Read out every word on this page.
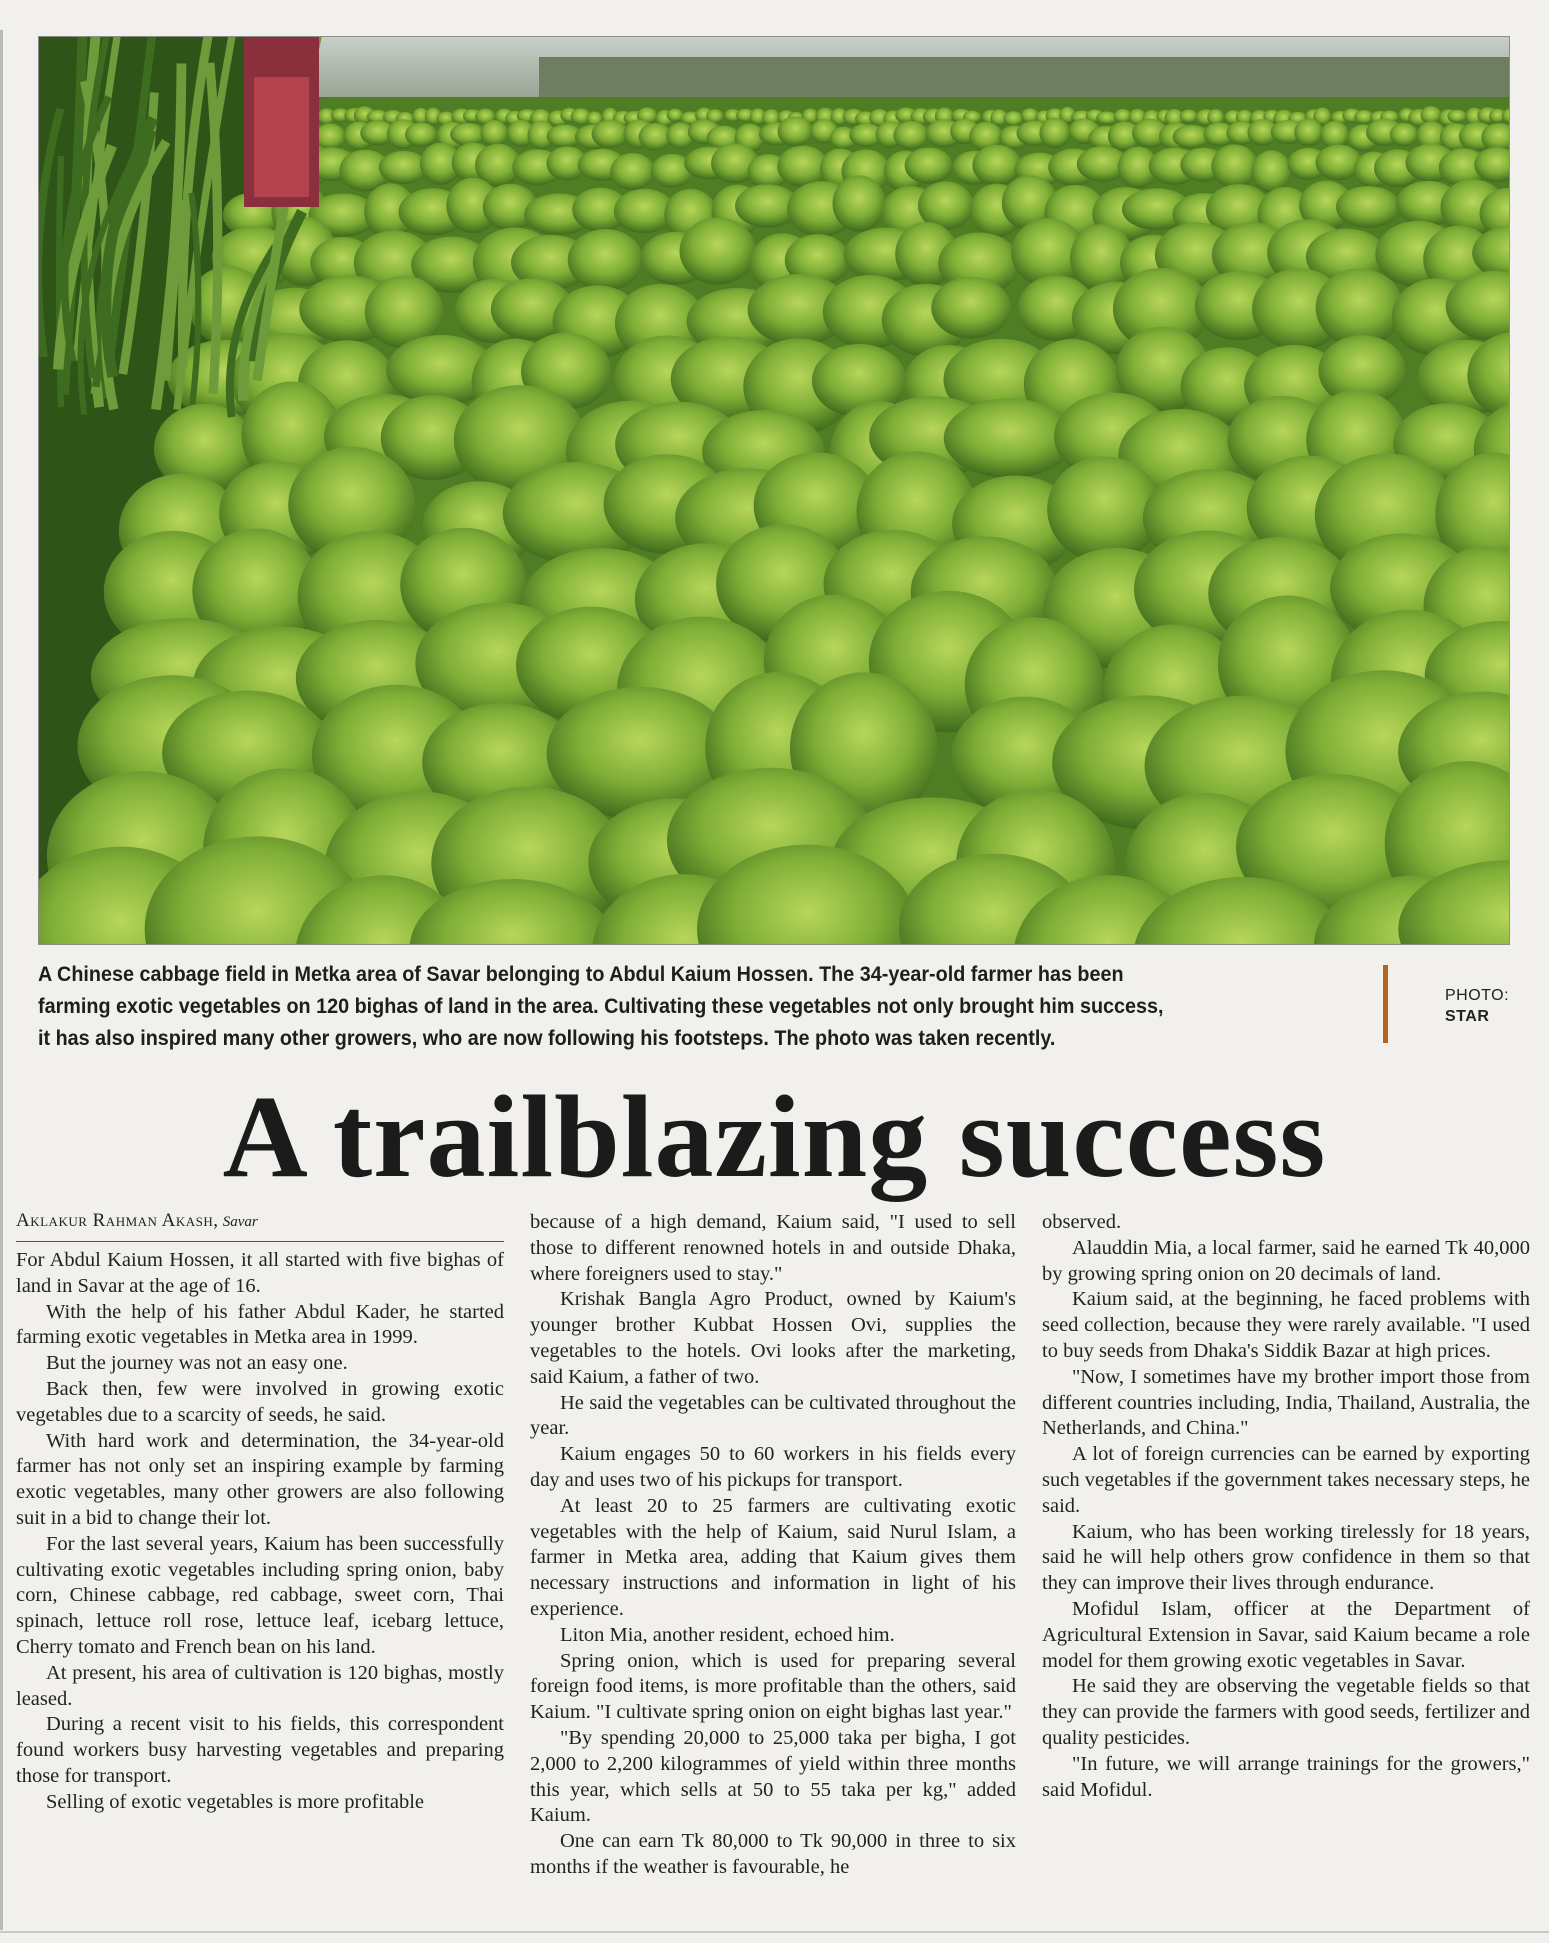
A Chinese cabbage field in Metka area of Savar belonging to Abdul Kaium Hossen. The 34-year-old farmer has been farming exotic vegetables on 120 bighas of land in the area. Cultivating these vegetables not only brought him success, it has also inspired many other growers, who are now following his footsteps. The photo was taken recently.
PHOTO:
STAR
A trailblazing success
Aklakur Rahman Akash, Savar

For Abdul Kaium Hossen, it all started with five bighas of land in Savar at the age of 16.

With the help of his father Abdul Kader, he started farming exotic vegetables in Metka area in 1999.

But the journey was not an easy one.

Back then, few were involved in growing exotic vegetables due to a scarcity of seeds, he said.

With hard work and determination, the 34-year-old farmer has not only set an inspiring example by farming exotic vegetables, many other growers are also following suit in a bid to change their lot.

For the last several years, Kaium has been successfully cultivating exotic vegetables including spring onion, baby corn, Chinese cabbage, red cabbage, sweet corn, Thai spinach, lettuce roll rose, lettuce leaf, icebarg lettuce, Cherry tomato and French bean on his land.

At present, his area of cultivation is 120 bighas, mostly leased.

During a recent visit to his fields, this correspondent found workers busy harvesting vegetables and preparing those for transport.

Selling of exotic vegetables is more profitable

because of a high demand, Kaium said, "I used to sell those to different renowned hotels in and outside Dhaka, where foreigners used to stay."

Krishak Bangla Agro Product, owned by Kaium's younger brother Kubbat Hossen Ovi, supplies the vegetables to the hotels. Ovi looks after the marketing, said Kaium, a father of two.

He said the vegetables can be cultivated throughout the year.

Kaium engages 50 to 60 workers in his fields every day and uses two of his pickups for transport.

At least 20 to 25 farmers are cultivating exotic vegetables with the help of Kaium, said Nurul Islam, a farmer in Metka area, adding that Kaium gives them necessary instructions and information in light of his experience.

Liton Mia, another resident, echoed him.

Spring onion, which is used for preparing several foreign food items, is more profitable than the others, said Kaium. "I cultivate spring onion on eight bighas last year."

"By spending 20,000 to 25,000 taka per bigha, I got 2,000 to 2,200 kilogrammes of yield within three months this year, which sells at 50 to 55 taka per kg," added Kaium.

One can earn Tk 80,000 to Tk 90,000 in three to six months if the weather is favourable, he

observed.

Alauddin Mia, a local farmer, said he earned Tk 40,000 by growing spring onion on 20 decimals of land.

Kaium said, at the beginning, he faced problems with seed collection, because they were rarely available. "I used to buy seeds from Dhaka's Siddik Bazar at high prices.

"Now, I sometimes have my brother import those from different countries including, India, Thailand, Australia, the Netherlands, and China."

A lot of foreign currencies can be earned by exporting such vegetables if the government takes necessary steps, he said.

Kaium, who has been working tirelessly for 18 years, said he will help others grow confidence in them so that they can improve their lives through endurance.

Mofidul Islam, officer at the Department of Agricultural Extension in Savar, said Kaium became a role model for them growing exotic vegetables in Savar.

He said they are observing the vegetable fields so that they can provide the farmers with good seeds, fertilizer and quality pesticides.

"In future, we will arrange trainings for the growers," said Mofidul.
